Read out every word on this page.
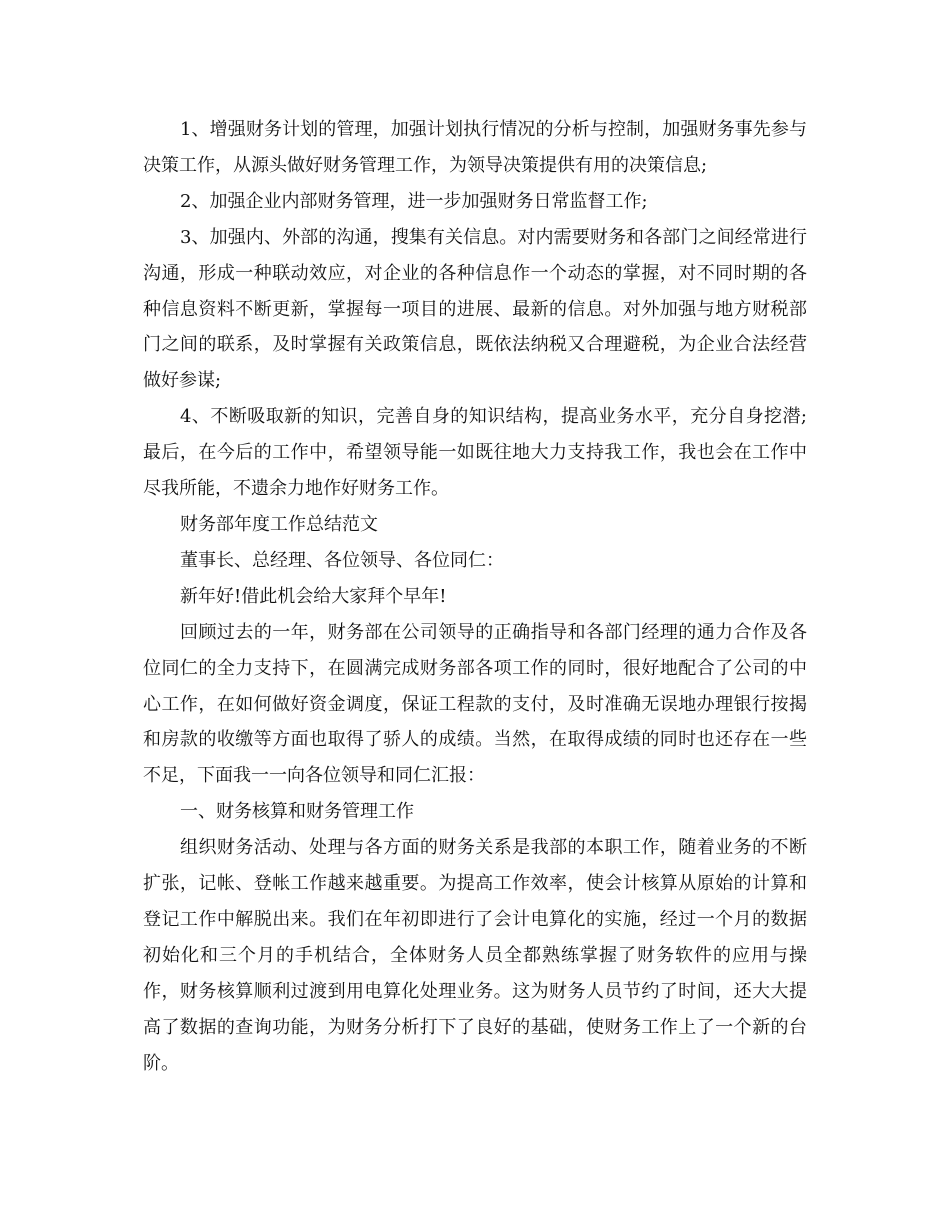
1、增强财务计划的管理，加强计划执行情况的分析与控制，加强财务事先参与决策工作，从源头做好财务管理工作，为领导决策提供有用的决策信息;

2、加强企业内部财务管理，进一步加强财务日常监督工作;

3、加强内、外部的沟通，搜集有关信息。对内需要财务和各部门之间经常进行沟通，形成一种联动效应，对企业的各种信息作一个动态的掌握，对不同时期的各种信息资料不断更新，掌握每一项目的进展、最新的信息。对外加强与地方财税部门之间的联系，及时掌握有关政策信息，既依法纳税又合理避税，为企业合法经营做好参谋;

4、不断吸取新的知识，完善自身的知识结构，提高业务水平，充分自身挖潜;最后，在今后的工作中，希望领导能一如既往地大力支持我工作，我也会在工作中尽我所能，不遗余力地作好财务工作。

财务部年度工作总结范文

董事长、总经理、各位领导、各位同仁：

新年好!借此机会给大家拜个早年!

回顾过去的一年，财务部在公司领导的正确指导和各部门经理的通力合作及各位同仁的全力支持下，在圆满完成财务部各项工作的同时，很好地配合了公司的中心工作，在如何做好资金调度，保证工程款的支付，及时准确无误地办理银行按揭和房款的收缴等方面也取得了骄人的成绩。当然，在取得成绩的同时也还存在一些不足，下面我一一向各位领导和同仁汇报：

一、财务核算和财务管理工作

组织财务活动、处理与各方面的财务关系是我部的本职工作，随着业务的不断扩张，记帐、登帐工作越来越重要。为提高工作效率，使会计核算从原始的计算和登记工作中解脱出来。我们在年初即进行了会计电算化的实施，经过一个月的数据初始化和三个月的手机结合，全体财务人员全都熟练掌握了财务软件的应用与操作，财务核算顺利过渡到用电算化处理业务。这为财务人员节约了时间，还大大提高了数据的查询功能，为财务分析打下了良好的基础，使财务工作上了一个新的台阶。
